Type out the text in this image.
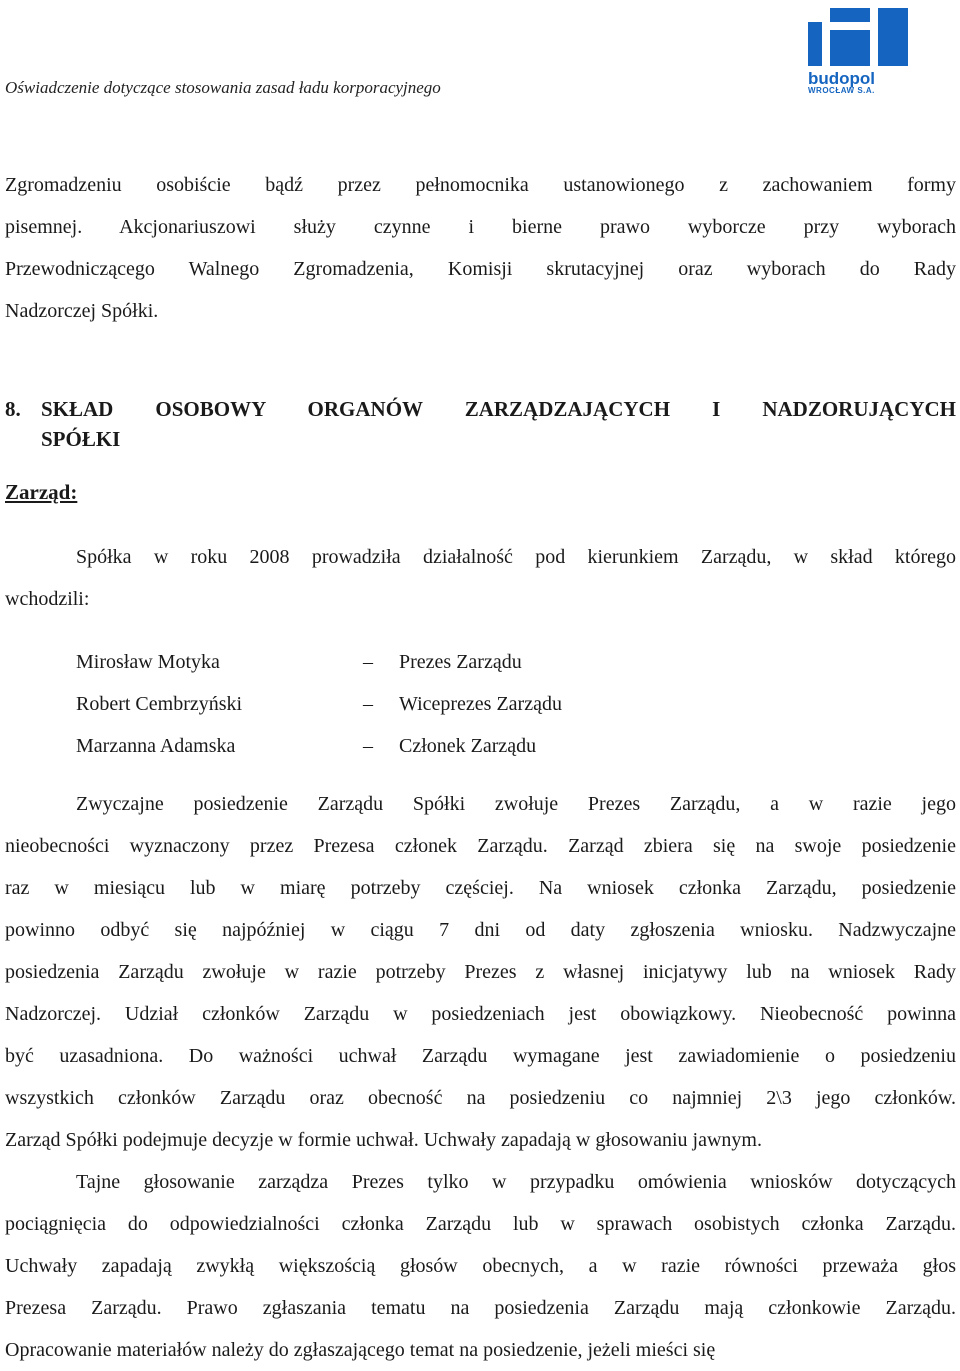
Oświadczenie dotyczące stosowania zasad ładu korporacyjnego	budopol
WROCŁAW S.A.
Zgromadzeniu osobiście bądź przez pełnomocnika ustanowionego z zachowaniem formy
pisemnej. Akcjonariuszowi służy czynne i bierne prawo wyborcze przy wyborach
Przewodniczącego Walnego Zgromadzenia, Komisji skrutacyjnej oraz wyborach do Rady
Nadzorczej Spółki.
8. SKŁAD OSOBOWY ORGANÓW ZARZĄDZAJĄCYCH I NADZORUJĄCYCH
SPÓŁKI
Zarząd:
Spółka w roku 2008 prowadziła działalność pod kierunkiem Zarządu, w skład którego
wchodzili:
Mirosław Motyka	–	Prezes Zarządu
Robert Cembrzyński	–	Wiceprezes Zarządu
Marzanna Adamska	–	Członek Zarządu
Zwyczajne posiedzenie Zarządu Spółki zwołuje Prezes Zarządu, a w razie jego
nieobecności wyznaczony przez Prezesa członek Zarządu. Zarząd zbiera się na swoje posiedzenie
raz w miesiącu lub w miarę potrzeby częściej. Na wniosek członka Zarządu, posiedzenie
powinno odbyć się najpóźniej w ciągu 7 dni od daty zgłoszenia wniosku. Nadzwyczajne
posiedzenia Zarządu zwołuje w razie potrzeby Prezes z własnej inicjatywy lub na wniosek Rady
Nadzorczej. Udział członków Zarządu w posiedzeniach jest obowiązkowy. Nieobecność powinna
być uzasadniona. Do ważności uchwał Zarządu wymagane jest zawiadomienie o posiedzeniu
wszystkich członków Zarządu oraz obecność na posiedzeniu co najmniej 2\3 jego członków.
Zarząd Spółki podejmuje decyzje w formie uchwał. Uchwały zapadają w głosowaniu jawnym.
Tajne głosowanie zarządza Prezes tylko w przypadku omówienia wniosków dotyczących
pociągnięcia do odpowiedzialności członka Zarządu lub w sprawach osobistych członka Zarządu.
Uchwały zapadają zwykłą większością głosów obecnych, a w razie równości przeważa głos
Prezesa Zarządu. Prawo zgłaszania tematu na posiedzenia Zarządu mają członkowie Zarządu.
Opracowanie materiałów należy do zgłaszającego temat na posiedzenie, jeżeli mieści się
